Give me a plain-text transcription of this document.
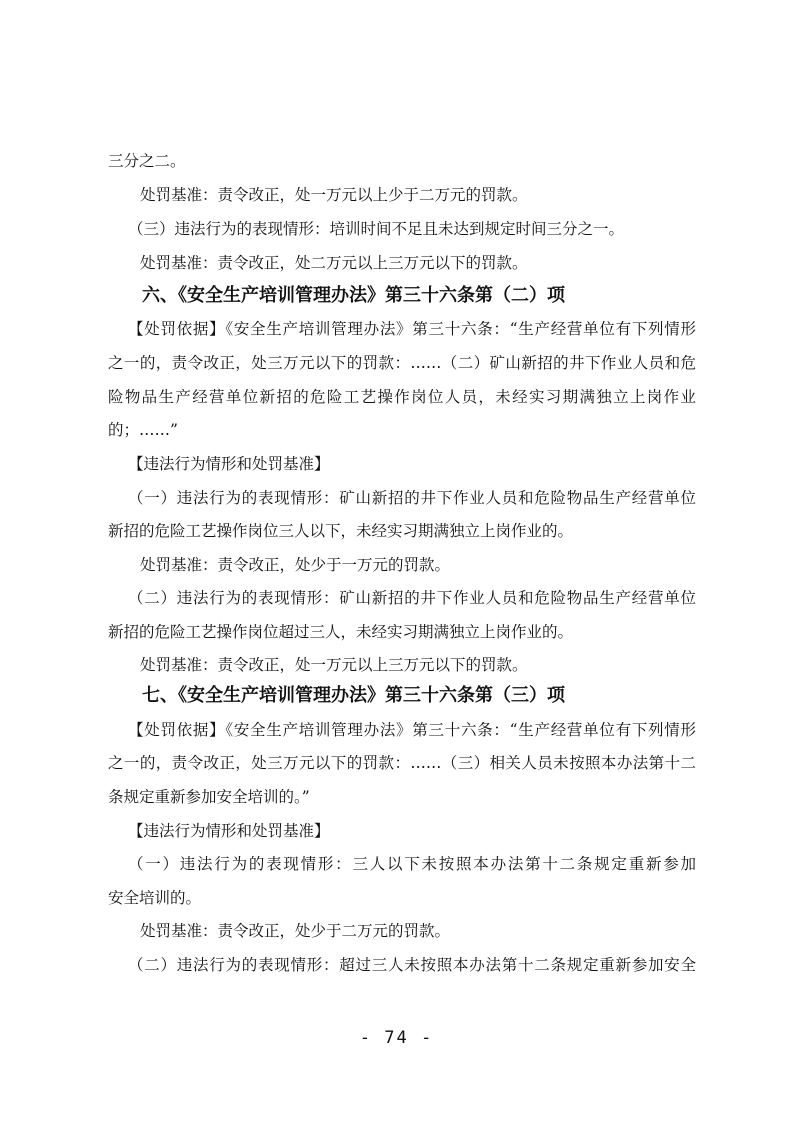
三分之二。
处罚基准：责令改正，处一万元以上少于二万元的罚款。
（三）违法行为的表现情形：培训时间不足且未达到规定时间三分之一。
处罚基准：责令改正，处二万元以上三万元以下的罚款。
六、《安全生产培训管理办法》第三十六条第（二）项
【处罚依据】《安全生产培训管理办法》第三十六条：“生产经营单位有下列情形
之一的，责令改正，处三万元以下的罚款：……（二）矿山新招的井下作业人员和危
险物品生产经营单位新招的危险工艺操作岗位人员，未经实习期满独立上岗作业
的；……”
【违法行为情形和处罚基准】
（一）违法行为的表现情形：矿山新招的井下作业人员和危险物品生产经营单位
新招的危险工艺操作岗位三人以下，未经实习期满独立上岗作业的。
处罚基准：责令改正，处少于一万元的罚款。
（二）违法行为的表现情形：矿山新招的井下作业人员和危险物品生产经营单位
新招的危险工艺操作岗位超过三人，未经实习期满独立上岗作业的。
处罚基准：责令改正，处一万元以上三万元以下的罚款。
七、《安全生产培训管理办法》第三十六条第（三）项
【处罚依据】《安全生产培训管理办法》第三十六条：“生产经营单位有下列情形
之一的，责令改正，处三万元以下的罚款：……（三）相关人员未按照本办法第十二
条规定重新参加安全培训的。”
【违法行为情形和处罚基准】
（一）违法行为的表现情形：三人以下未按照本办法第十二条规定重新参加
安全培训的。
处罚基准：责令改正，处少于二万元的罚款。
（二）违法行为的表现情形：超过三人未按照本办法第十二条规定重新参加安全
- 74 -
